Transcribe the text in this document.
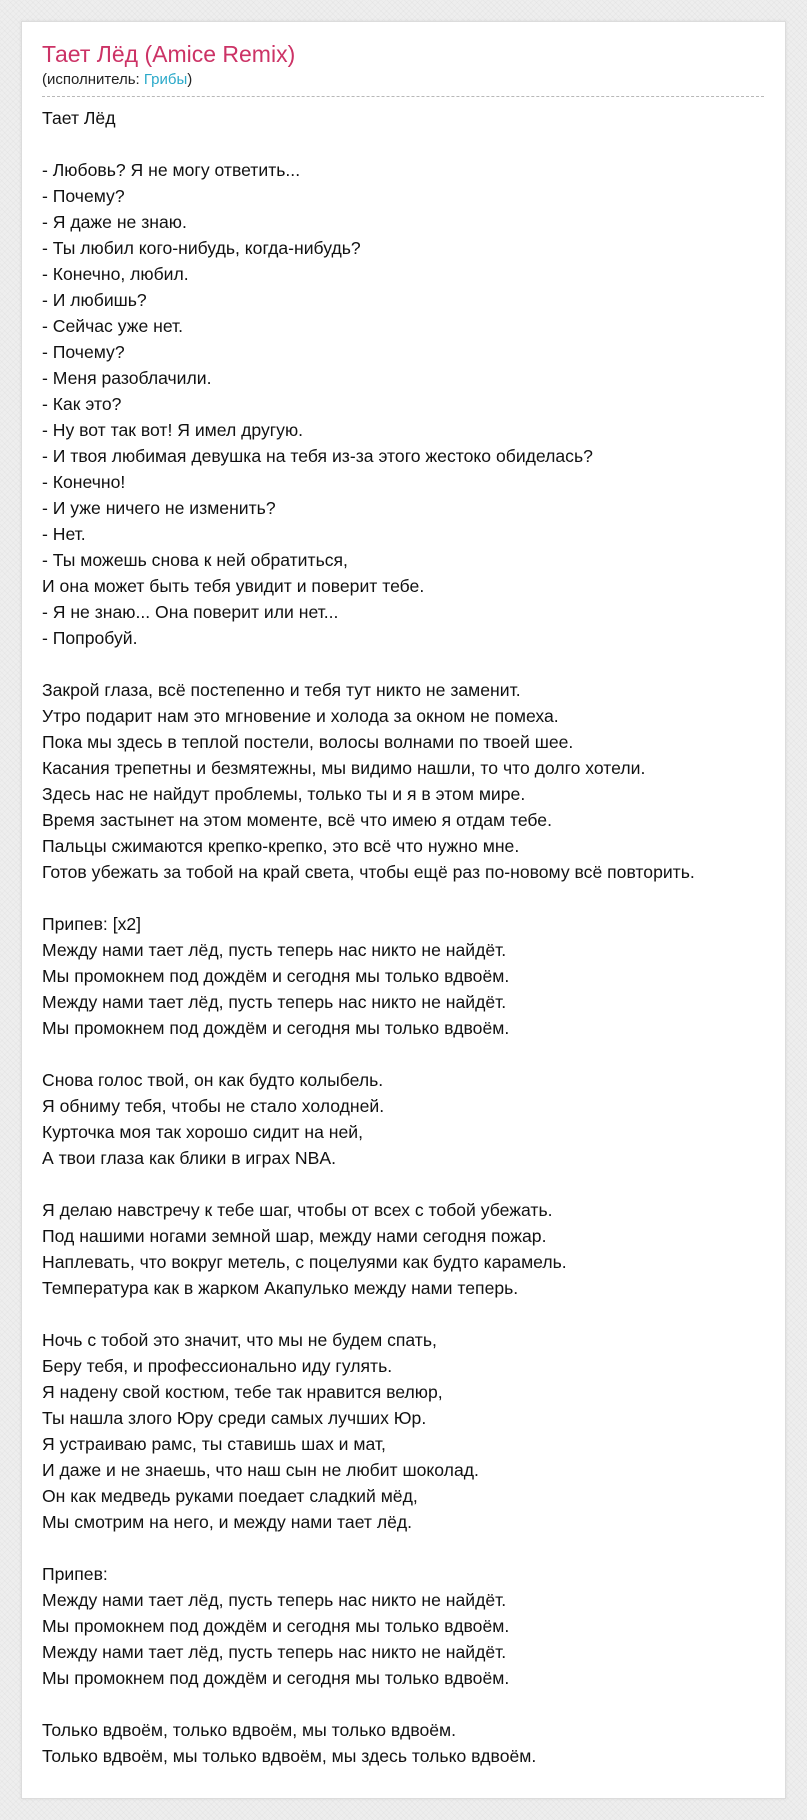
Тает Лёд (Amice Remix)
(исполнитель: Грибы)
Тает Лёд
- Любовь? Я не могу ответить...
- Почему?
- Я даже не знаю.
- Ты любил кого-нибудь, когда-нибудь?
- Конечно, любил.
- И любишь?
- Сейчас уже нет.
- Почему?
- Меня разоблачили.
- Как это?
- Ну вот так вот! Я имел другую.
- И твоя любимая девушка на тебя из-за этого жестоко обиделась?
- Конечно!
- И уже ничего не изменить?
- Нет.
- Ты можешь снова к ней обратиться,
И она может быть тебя увидит и поверит тебе.
- Я не знаю... Она поверит или нет...
- Попробуй.
Закрой глаза, всё постепенно и тебя тут никто не заменит.
Утро подарит нам это мгновение и холода за окном не помеха.
Пока мы здесь в теплой постели, волосы волнами по твоей шее.
Касания трепетны и безмятежны, мы видимо нашли, то что долго хотели.
Здесь нас не найдут проблемы, только ты и я в этом мире.
Время застынет на этом моменте, всё что имею я отдам тебе.
Пальцы сжимаются крепко-крепко, это всё что нужно мне.
Готов убежать за тобой на край света, чтобы ещё раз по-новому всё повторить.
Припев: [x2]
Между нами тает лёд, пусть теперь нас никто не найдёт.
Мы промокнем под дождём и сегодня мы только вдвоём.
Между нами тает лёд, пусть теперь нас никто не найдёт.
Мы промокнем под дождём и сегодня мы только вдвоём.
Снова голос твой, он как будто колыбель.
Я обниму тебя, чтобы не стало холодней.
Курточка моя так хорошо сидит на ней,
А твои глаза как блики в играх NBA.
Я делаю навстречу к тебе шаг, чтобы от всех с тобой убежать.
Под нашими ногами земной шар, между нами сегодня пожар.
Наплевать, что вокруг метель, с поцелуями как будто карамель.
Температура как в жарком Акапулько между нами теперь.
Ночь с тобой это значит, что мы не будем спать,
Беру тебя, и профессионально иду гулять.
Я надену свой костюм, тебе так нравится велюр,
Ты нашла злого Юру среди самых лучших Юр.
Я устраиваю рамс, ты ставишь шах и мат,
И даже и не знаешь, что наш сын не любит шоколад.
Он как медведь руками поедает сладкий мёд,
Мы смотрим на него, и между нами тает лёд.
Припев:
Между нами тает лёд, пусть теперь нас никто не найдёт.
Мы промокнем под дождём и сегодня мы только вдвоём.
Между нами тает лёд, пусть теперь нас никто не найдёт.
Мы промокнем под дождём и сегодня мы только вдвоём.
Только вдвоём, только вдвоём, мы только вдвоём.
Только вдвоём, мы только вдвоём, мы здесь только вдвоём.
